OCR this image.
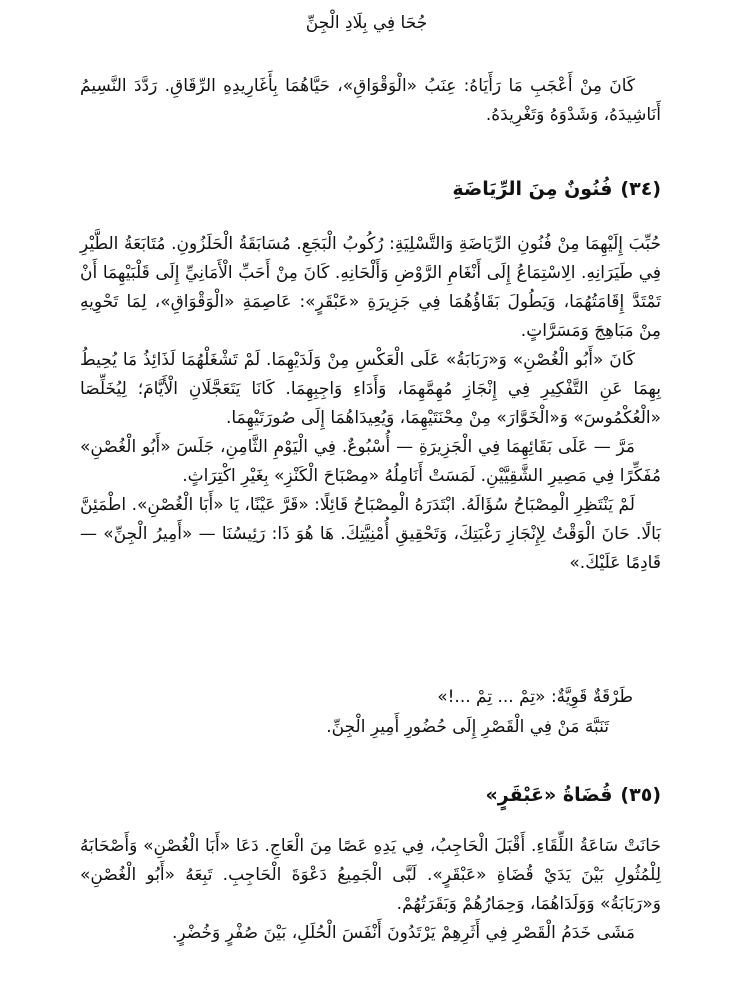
جُحَا فِي بِلَادِ الْجِنِّ

كَانَ مِنْ أَعْجَبِ مَا رَأَيَاهُ: عِنَبُ «الْوَقْوَاقِ»، حَيَّاهُمَا بِأَغَارِيدِهِ الرِّقَاقِ. رَدَّدَ النَّسِيمُ أَنَاشِيدَهُ، وَشَدْوَهُ وَتَغْرِيدَهُ.

(٣٤)فُنُونٌ مِنَ الرِّيَاضَةِ

حُبِّبَ إِلَيْهِمَا مِنْ فُنُونِ الرِّيَاضَةِ وَالتَّسْلِيَةِ: رُكُوبُ الْبَجَعِ. مُسَابَقَةُ الْحَلَزُونِ. مُتَابَعَةُ الطَّيْرِ فِي طَيَرَانِهِ. الِاسْتِمَاعُ إِلَى أَنْغَامِ الرَّوْضِ وَأَلْحَانِهِ. كَانَ مِنْ أَحَبِّ الْأَمَانِيِّ إِلَى قَلْبَيْهِمَا أَنْ تَمْتَدَّ إِقَامَتُهُمَا، وَيَطُولَ بَقَاؤُهُمَا فِي جَزِيرَةِ «عَبْقَرٍ»: عَاصِمَةِ «الْوَقْوَاقِ»، لِمَا تَحْوِيهِ مِنْ مَبَاهِجَ وَمَسَرَّاتٍ.

كَانَ «أَبُو الْغُصْنِ» وَ«رَبَابَةُ» عَلَى الْعَكْسِ مِنْ وَلَدَيْهِمَا. لَمْ تَشْغَلْهُمَا لَذَائِذُ مَا يُحِيطُ بِهِمَا عَنِ التَّفْكِيرِ فِي إِنْجَازِ مُهِمَّهِمَا، وَأَدَاءِ وَاجِبِهِمَا. كَانَا يَتَعَجَّلَانِ الْأَيَّامَ؛ لِيُخَلِّصَا «الْعُكْمُوسَ» وَ«الْخَوَّارَ» مِنْ مِحْنَتَيْهِمَا، وَيُعِيدَاهُمَا إِلَى صُورَتَيْهِمَا.

مَرَّ — عَلَى بَقَائِهِمَا فِي الْجَزِيرَةِ — أُسْبُوعٌ. فِي الْيَوْمِ الثَّامِنِ، جَلَسَ «أَبُو الْغُصْنِ» مُفَكِّرًا فِي مَصِيرِ الشَّقِيَّيْنِ. لَمَسَتْ أَنَامِلُهُ «مِصْبَاحَ الْكَنْزِ» بِغَيْرِ اكْتِرَاثٍ.

لَمْ يَنْتَظِرِ الْمِصْبَاحُ سُؤَالَهُ. ابْتَدَرَهُ الْمِصْبَاحُ قَائِلًا: «قَرَّ عَيْنًا، يَا «أَبَا الْغُصْنِ». اطْمَئِنَّ بَالًا. حَانَ الْوَقْتُ لِإِنْجَازِ رَغْبَتِكَ، وَتَحْقِيقِ أُمْنِيَّتِكَ. هَا هُوَ ذَا: رَئِيسُنَا — «أَمِيرُ الْجِنِّ» — قَادِمًا عَلَيْكَ.»

طَرْقَةٌ قَوِيَّةٌ: «تِمْ ... تِمْ ...!»
تَنَبَّهَ مَنْ فِي الْقَصْرِ إِلَى حُضُورِ أَمِيرِ الْجِنِّ.
(٣٥)قُضَاةُ «عَبْقَرٍ»

حَانَتْ سَاعَةُ اللِّقَاءِ. أَقْبَلَ الْحَاجِبُ، فِي يَدِهِ عَصًا مِنَ الْعَاجِ. دَعَا «أَبَا الْغُصْنِ» وَأَصْحَابَهُ لِلْمُثُولِ بَيْنَ يَدَيْ قُضَاةِ «عَبْقَرٍ». لَبَّى الْجَمِيعُ دَعْوَةَ الْحَاجِبِ. تَبِعَهُ «أَبُو الْغُصْنِ» وَ«رَبَابَةُ» وَوَلَدَاهُمَا، وَحِمَارُهُمْ وَبَقَرَتُهُمْ.

مَشَى خَدَمُ الْقَصْرِ فِي أَثَرِهِمْ يَرْتَدُونَ أَنْفَسَ الْحُلَلِ، بَيْنَ صُفْرٍ وَخُضْرٍ.
